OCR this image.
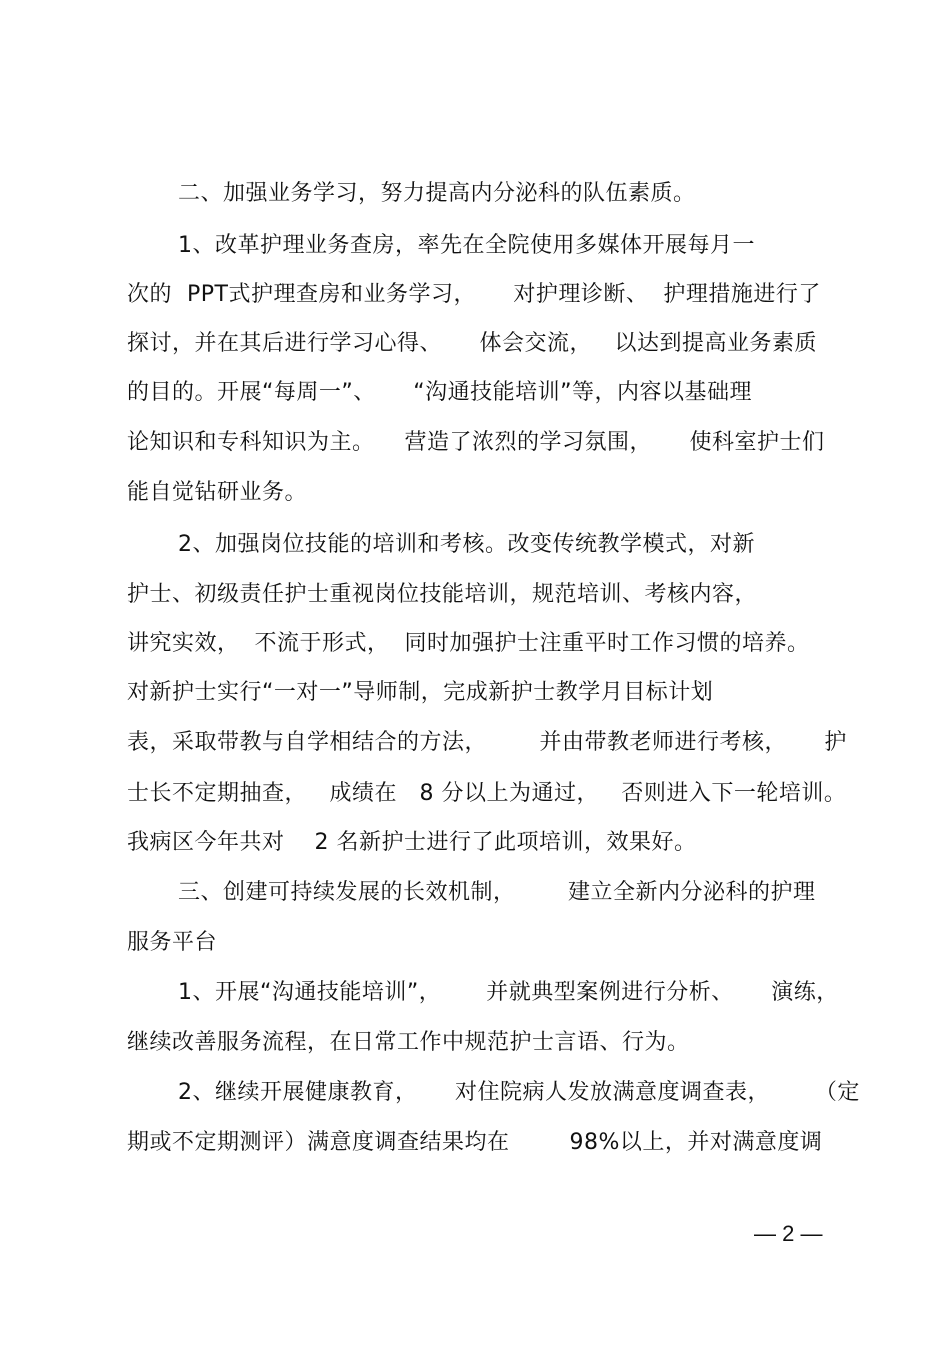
二、加强业务学习，努力提高内分泌科的队伍素质。
1、改革护理业务查房，率先在全院使用多媒体开展每月一
次的  PPT式护理查房和业务学习，     对护理诊断、  护理措施进行了
探讨，并在其后进行学习心得、     体会交流，   以达到提高业务素质
的目的。开展“每周一”、     “沟通技能培训”等，内容以基础理
论知识和专科知识为主。    营造了浓烈的学习氛围，     使科室护士们
能自觉钻研业务。
2、加强岗位技能的培训和考核。改变传统教学模式，对新
护士、初级责任护士重视岗位技能培训，规范培训、考核内容，
讲究实效，  不流于形式，  同时加强护士注重平时工作习惯的培养。
对新护士实行“一对一”导师制，完成新护士教学月目标计划
表，采取带教与自学相结合的方法，       并由带教老师进行考核，     护
士长不定期抽查，   成绩在   8 分以上为通过，   否则进入下一轮培训。
我病区今年共对    2 名新护士进行了此项培训，效果好。
三、创建可持续发展的长效机制，       建立全新内分泌科的护理
服务平台
1、开展“沟通技能培训”，      并就典型案例进行分析、     演练，
继续改善服务流程，在日常工作中规范护士言语、行为。
2、继续开展健康教育，     对住院病人发放满意度调查表，      （定
期或不定期测评）满意度调查结果均在        98%以上，并对满意度调
— 2 —
